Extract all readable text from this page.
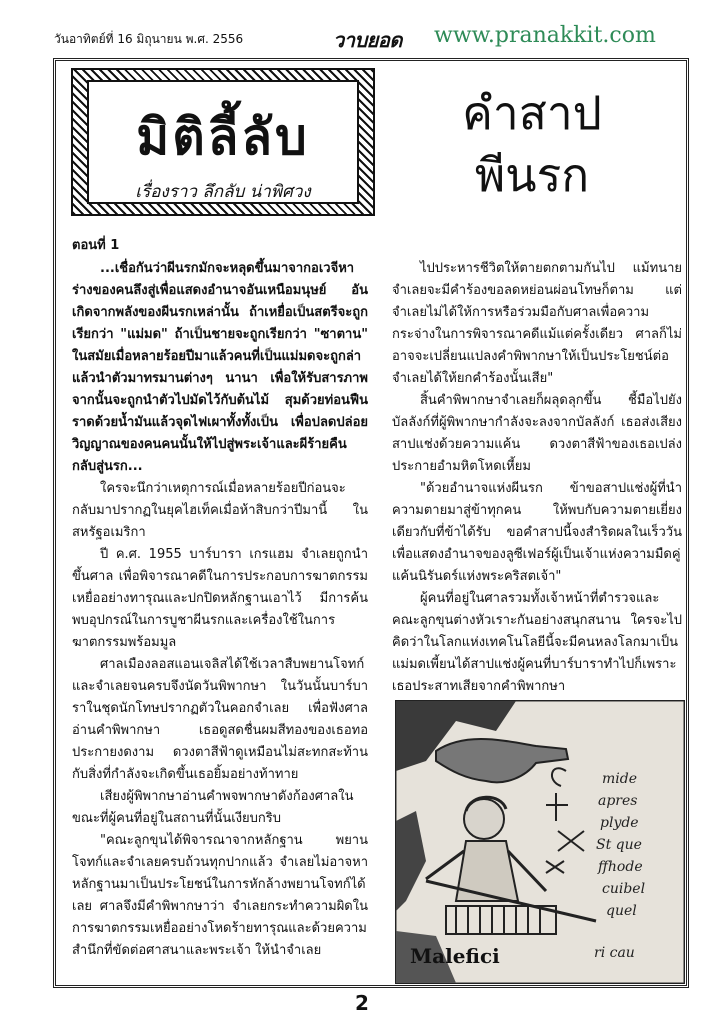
วันอาทิตย์ที่ 16 มิถุนายน พ.ศ. 2556	วาบยอด www.pranakkit.com
มิติลี้ลับ
เรื่องราว ลึกลับ น่าพิศวง
คำสาป
พีนรก
ตอนที่ 1

...เชื่อกันว่าผีนรกมักจะหลุดขึ้นมาจากอเวจีหาร่างของคนลึงสู่เพื่อแสดงอำนาจอันเหนือมนุษย์ อันเกิดจากพลังของผีนรกเหล่านั้น ถ้าเหยื่อเป็นสตรีจะถูกเรียกว่า "แม่มด" ถ้าเป็นชายจะถูกเรียกว่า "ซาตาน" ในสมัยเมื่อหลายร้อยปีมาแล้วคนที่เป็นแม่มดจะถูกล่าแล้วนำตัวมาทรมานต่างๆ นานา เพื่อให้รับสารภาพ จากนั้นจะถูกนำตัวไปมัดไว้กับต้นไม้ สุมด้วยท่อนฟืนราดด้วยน้ำมันแล้วจุดไฟเผาทั้งทั้งเป็น เพื่อปลดปล่อยวิญญาณของคนคนนั้นให้ไปสู่พระเจ้าและผีร้ายคืนกลับสู่นรก...

ใครจะนึกว่าเหตุการณ์เมื่อหลายร้อยปีก่อนจะกลับมาปรากฏในยุคไฮเท็คเมื่อห้าสิบกว่าปีมานี้ ในสหรัฐอเมริกา

ปี ค.ศ. 1955 บาร์บารา เกรแฮม จำเลยถูกนำขึ้นศาล เพื่อพิจารณาคดีในการประกอบการฆาตกรรมเหยื่ออย่างทารุณและปกปิดหลักฐานเอาไว้ มีการค้นพบอุปกรณ์ในการบูชาผีนรกและเครื่องใช้ในการฆาตกรรมพร้อมมูล

ศาลเมืองลอสแอนเจลิสได้ใช้เวลาสืบพยานโจทก์และจำเลยจนครบจึงนัดวันพิพากษา ในวันนั้นบาร์บาราในชุดนักโทษปรากฏตัวในคอกจำเลย เพื่อฟังศาลอ่านคำพิพากษา เธอดูสดชื่นผมสีทองของเธอทอประกายงดงาม ดวงตาสีฟ้าดูเหมือนไม่สะทกสะท้านกับสิ่งที่กำลังจะเกิดขึ้นเธอยิ้มอย่างท้าทาย

เสียงผู้พิพากษาอ่านคำพจพากษาดังก้องศาลในขณะที่ผู้คนที่อยู่ในสถานที่นั้นเงียบกริบ

"คณะลูกขุนได้พิจารณาจากหลักฐาน พยานโจทก์และจำเลยครบถ้วนทุกปากแล้ว จำเลยไม่อาจหาหลักฐานมาเป็นประโยชน์ในการหักล้างพยานโจทก์ได้เลย ศาลจึงมีคำพิพากษาว่า จำเลยกระทำความผิดในการฆาตกรรมเหยื่ออย่างโหดร้ายทารุณและด้วยความสำนึกที่ขัดต่อศาสนาและพระเจ้า ให้นำจำเลย

ไปประหารชีวิตให้ตายตกตามกันไป แม้ทนายจำเลยจะมีคำร้องขอลดหย่อนผ่อนโทษก็ตาม แต่จำเลยไม่ได้ให้การหรือร่วมมือกับศาลเพื่อความกระจ่างในการพิจารณาคดีแม้แต่ครั้งเดียว ศาลก็ไม่อาจจะเปลี่ยนแปลงคำพิพากษาให้เป็นประโยชน์ต่อจำเลยได้ให้ยกคำร้องนั้นเสีย"

สิ้นคำพิพากษาจำเลยก็ผลุดลุกขึ้น ชี้มือไปยังบัลลังก์ที่ผู้พิพากษากำลังจะลงจากบัลลังก์ เธอส่งเสียงสาปแช่งด้วยความแค้น ดวงตาสีฟ้าของเธอเปล่งประกายอำมหิตโหดเหี้ยม

"ด้วยอำนาจแห่งผีนรก ข้าขอสาปแช่งผู้ที่นำความตายมาสู่ข้าทุกคน ให้พบกับความตายเยี่ยงเดียวกับที่ข้าได้รับ ขอคำสาปนี้จงสำริดผลในเร็ววัน เพื่อแสดงอำนาจของลูซีเฟอร์ผู้เป็นเจ้าแห่งความมืดคู่แค้นนิรันดร์แห่งพระคริสตเจ้า"

ผู้คนที่อยู่ในศาลรวมทั้งเจ้าหน้าที่ตำรวจและคณะลูกขุนต่างหัวเราะกันอย่างสนุกสนาน ใครจะไปคิดว่าในโลกแห่งเทคโนโลยีนี้จะมีคนหลงโลกมาเป็นแม่มดเพี้ยนได้สาปแช่งผู้คนที่บาร์บาราทำไปก็เพราะเธอประสาทเสียจากคำพิพากษา

mide
apres
plyde
St que
ffhode
cuibel
quel
ri cau
Malefici
2
